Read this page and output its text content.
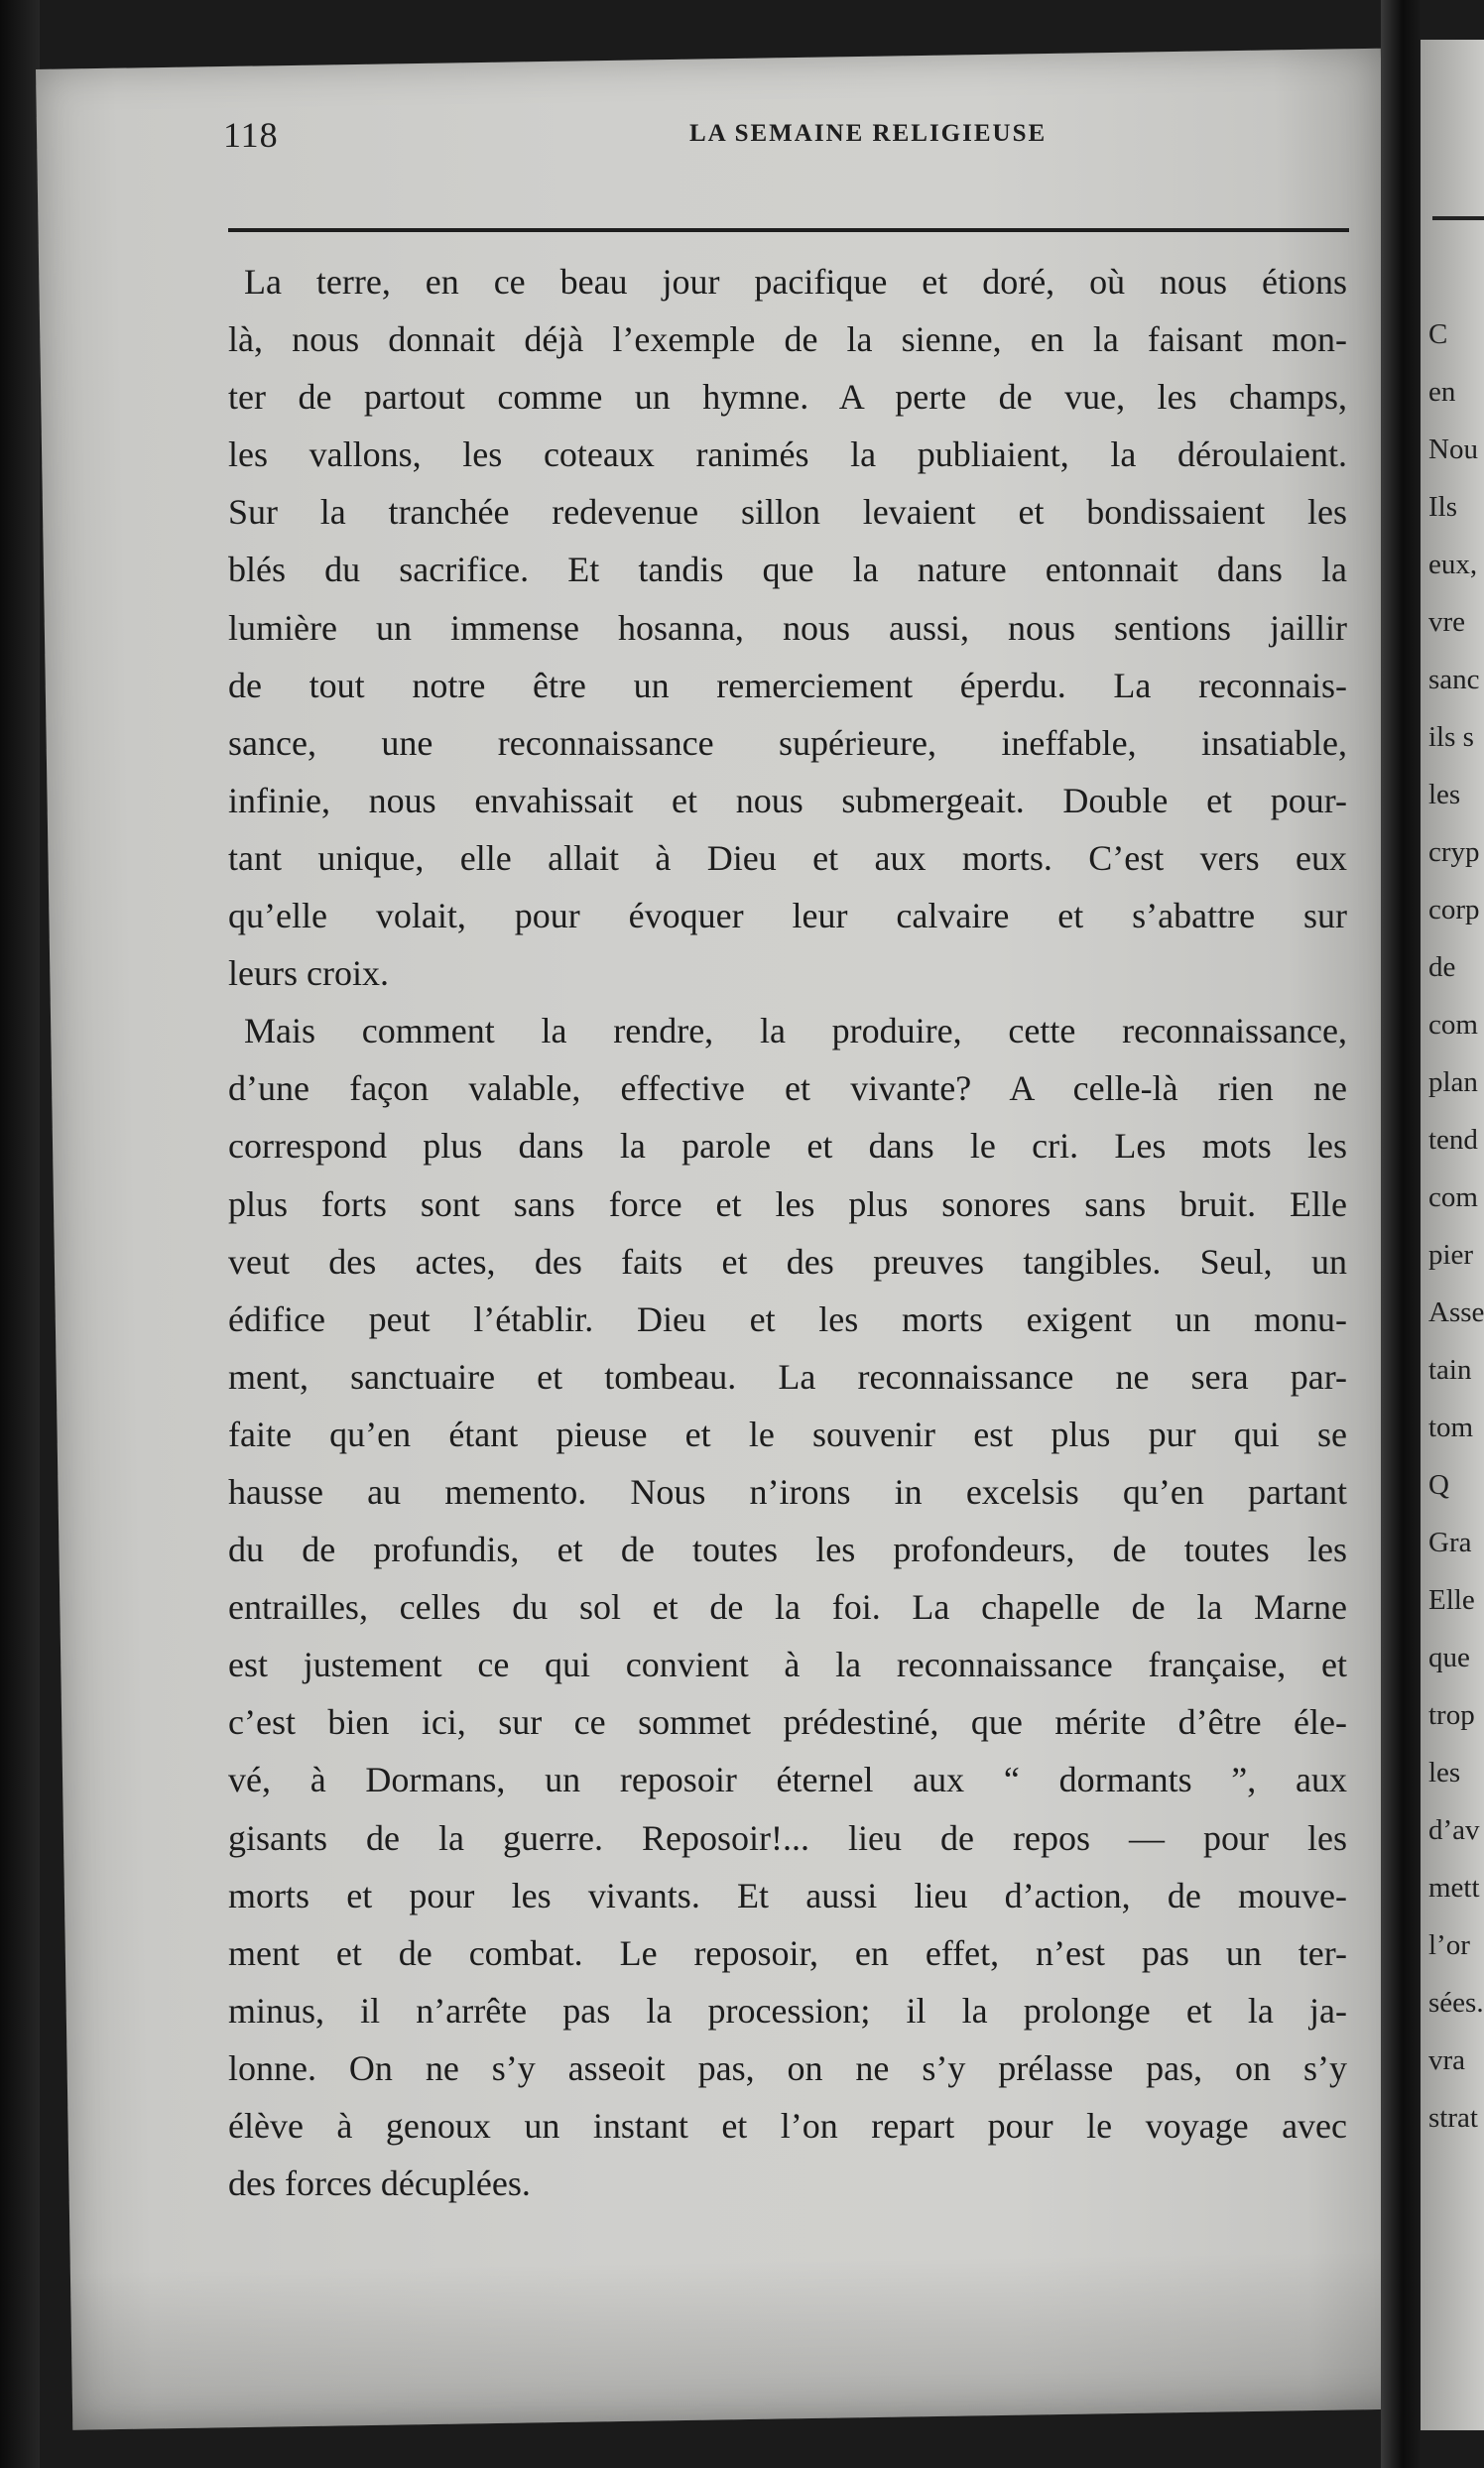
118	LA SEMAINE RELIGIEUSE

La terre, en ce beau jour pacifique et doré, où nous étions
là, nous donnait déjà l’exemple de la sienne, en la faisant mon-
ter de partout comme un hymne. A perte de vue, les champs,
les vallons, les coteaux ranimés la publiaient, la déroulaient.
Sur la tranchée redevenue sillon levaient et bondissaient les
blés du sacrifice. Et tandis que la nature entonnait dans la
lumière un immense hosanna, nous aussi, nous sentions jaillir
de tout notre être un remerciement éperdu. La reconnais-
sance, une reconnaissance supérieure, ineffable, insatiable,
infinie, nous envahissait et nous submergeait. Double et pour-
tant unique, elle allait à Dieu et aux morts. C’est vers eux
qu’elle volait, pour évoquer leur calvaire et s’abattre sur
leurs croix.

Mais comment la rendre, la produire, cette reconnaissance,
d’une façon valable, effective et vivante? A celle-là rien ne
correspond plus dans la parole et dans le cri. Les mots les
plus forts sont sans force et les plus sonores sans bruit. Elle
veut des actes, des faits et des preuves tangibles. Seul, un
édifice peut l’établir. Dieu et les morts exigent un monu-
ment, sanctuaire et tombeau. La reconnaissance ne sera par-
faite qu’en étant pieuse et le souvenir est plus pur qui se
hausse au memento. Nous n’irons in excelsis qu’en partant
du de profundis, et de toutes les profondeurs, de toutes les
entrailles, celles du sol et de la foi. La chapelle de la Marne
est justement ce qui convient à la reconnaissance française, et
c’est bien ici, sur ce sommet prédestiné, que mérite d’être éle-
vé, à Dormans, un reposoir éternel aux “ dormants ”, aux
gisants de la guerre. Reposoir!... lieu de repos — pour les
morts et pour les vivants. Et aussi lieu d’action, de mouve-
ment et de combat. Le reposoir, en effet, n’est pas un ter-
minus, il n’arrête pas la procession; il la prolonge et la ja-
lonne. On ne s’y asseoit pas, on ne s’y prélasse pas, on s’y
élève à genoux un instant et l’on repart pour le voyage avec
des forces décuplées.

C
en
Nou
Ils
eux,
vre
sanc
ils s
les
cryp
corp
de
com
plan
tend
com
pier
Asse
tain
tom
Q
Gra
Elle
que
trop
les
d’av
mett
l’or
sées.
vra
strat
